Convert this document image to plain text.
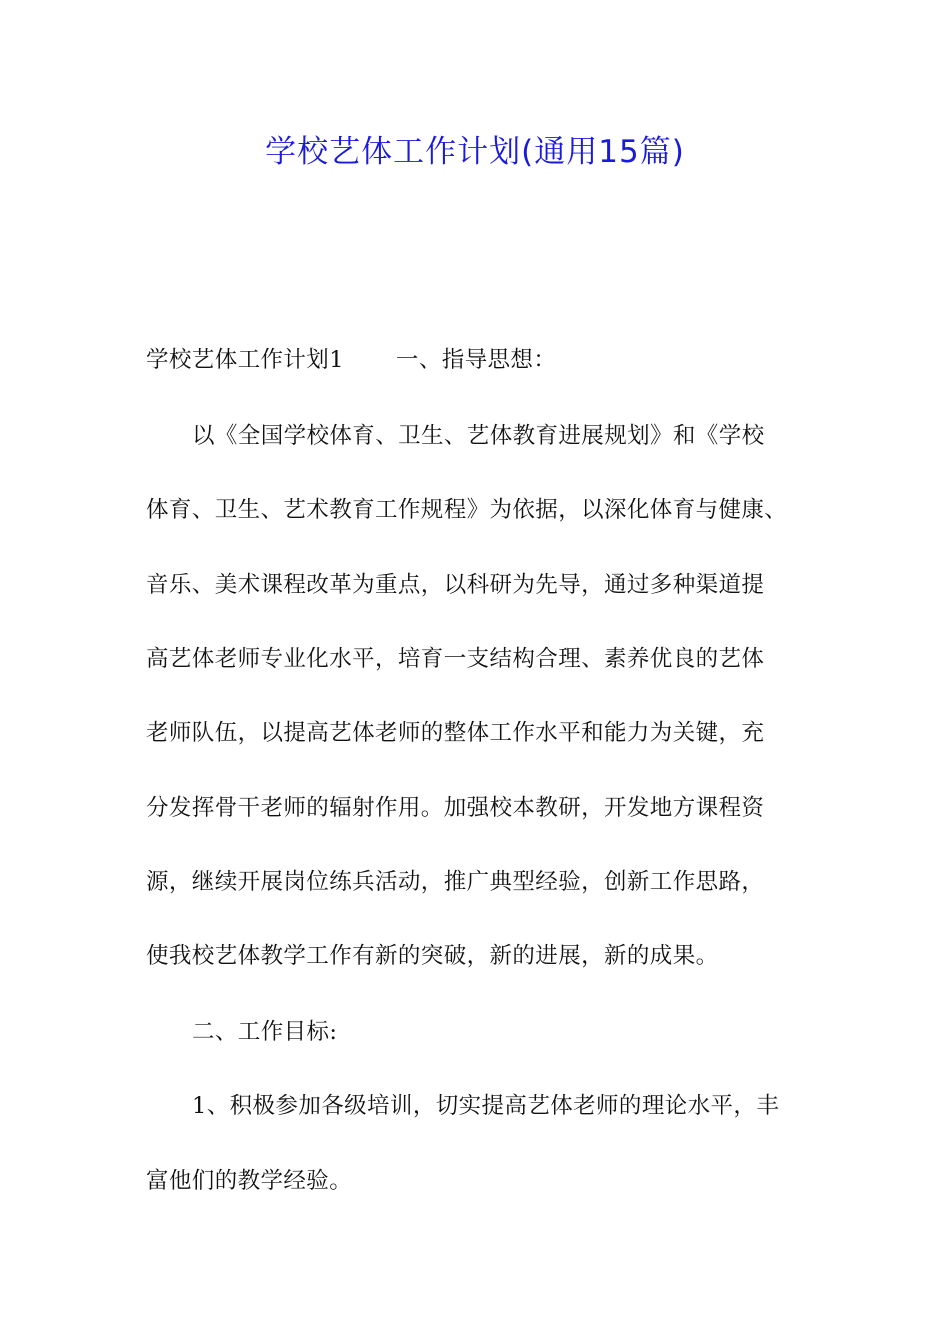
学校艺体工作计划(通用15篇)

学校艺体工作计划1 一、指导思想：

以《全国学校体育、卫生、艺体教育进展规划》和《学校

体育、卫生、艺术教育工作规程》为依据，以深化体育与健康、

音乐、美术课程改革为重点，以科研为先导，通过多种渠道提

高艺体老师专业化水平，培育一支结构合理、素养优良的艺体

老师队伍，以提高艺体老师的整体工作水平和能力为关键，充

分发挥骨干老师的辐射作用。加强校本教研，开发地方课程资

源，继续开展岗位练兵活动，推广典型经验，创新工作思路，

使我校艺体教学工作有新的突破，新的进展，新的成果。

二、工作目标:

1、积极参加各级培训，切实提高艺体老师的理论水平，丰

富他们的教学经验。
